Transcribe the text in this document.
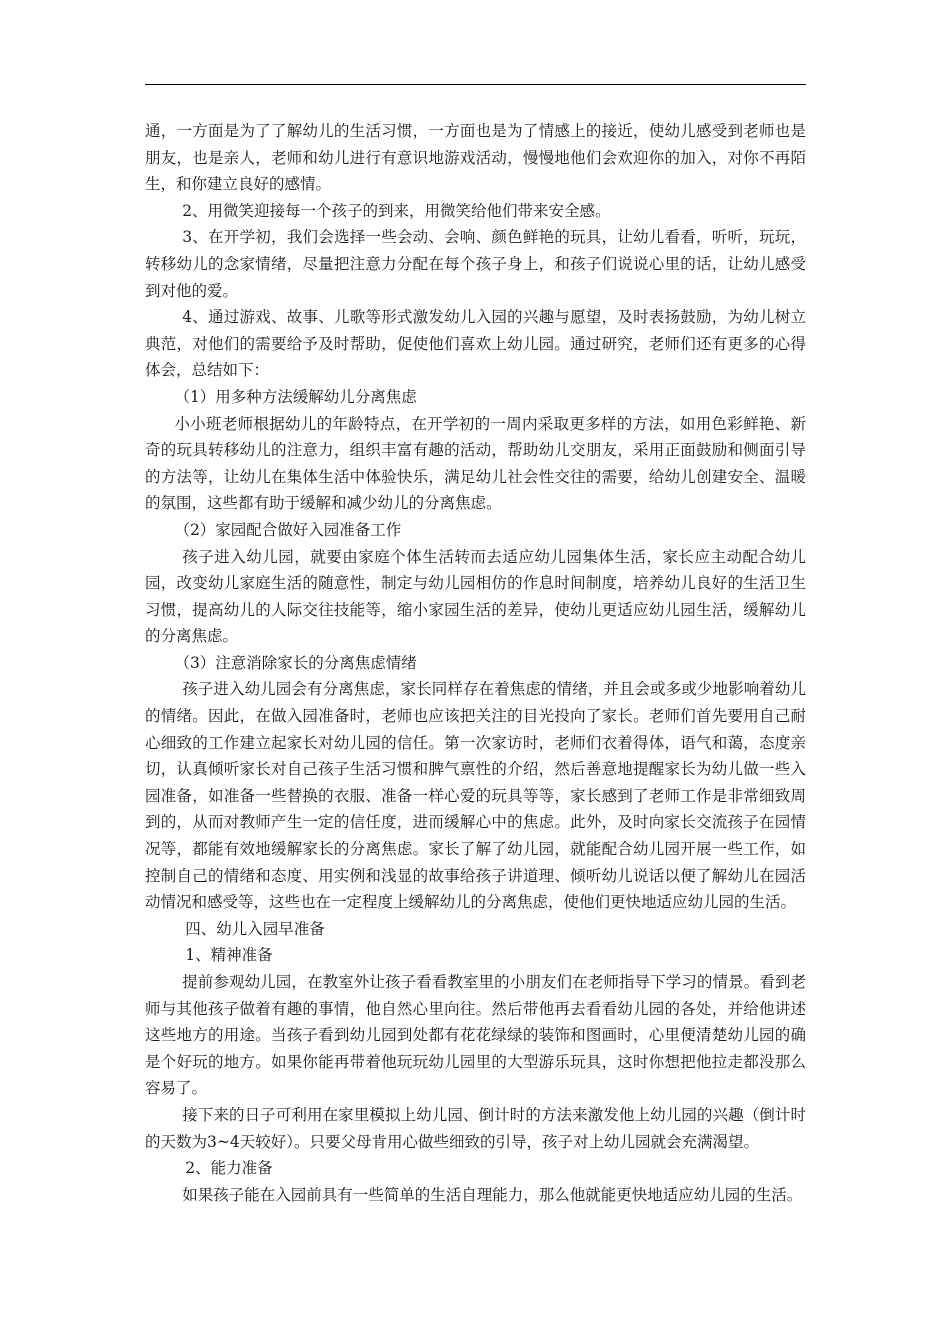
通，一方面是为了了解幼儿的生活习惯，一方面也是为了情感上的接近，使幼儿感受到老师也是朋友，也是亲人，老师和幼儿进行有意识地游戏活动，慢慢地他们会欢迎你的加入，对你不再陌生，和你建立良好的感情。

2、用微笑迎接每一个孩子的到来，用微笑给他们带来安全感。

3、在开学初，我们会选择一些会动、会响、颜色鲜艳的玩具，让幼儿看看，听听，玩玩，转移幼儿的念家情绪，尽量把注意力分配在每个孩子身上，和孩子们说说心里的话，让幼儿感受到对他的爱。

4、通过游戏、故事、儿歌等形式激发幼儿入园的兴趣与愿望，及时表扬鼓励，为幼儿树立典范，对他们的需要给予及时帮助，促使他们喜欢上幼儿园。通过研究，老师们还有更多的心得体会，总结如下：

（1）用多种方法缓解幼儿分离焦虑

小小班老师根据幼儿的年龄特点，在开学初的一周内采取更多样的方法，如用色彩鲜艳、新奇的玩具转移幼儿的注意力，组织丰富有趣的活动，帮助幼儿交朋友，采用正面鼓励和侧面引导的方法等，让幼儿在集体生活中体验快乐，满足幼儿社会性交往的需要，给幼儿创建安全、温暖的氛围，这些都有助于缓解和减少幼儿的分离焦虑。

（2）家园配合做好入园准备工作

孩子进入幼儿园，就要由家庭个体生活转而去适应幼儿园集体生活，家长应主动配合幼儿园，改变幼儿家庭生活的随意性，制定与幼儿园相仿的作息时间制度，培养幼儿良好的生活卫生习惯，提高幼儿的人际交往技能等，缩小家园生活的差异，使幼儿更适应幼儿园生活，缓解幼儿的分离焦虑。

（3）注意消除家长的分离焦虑情绪

孩子进入幼儿园会有分离焦虑，家长同样存在着焦虑的情绪，并且会或多或少地影响着幼儿的情绪。因此，在做入园准备时，老师也应该把关注的目光投向了家长。老师们首先要用自己耐心细致的工作建立起家长对幼儿园的信任。第一次家访时，老师们衣着得体，语气和蔼，态度亲切，认真倾听家长对自己孩子生活习惯和脾气禀性的介绍，然后善意地提醒家长为幼儿做一些入园准备，如准备一些替换的衣服、准备一样心爱的玩具等等，家长感到了老师工作是非常细致周到的，从而对教师产生一定的信任度，进而缓解心中的焦虑。此外，及时向家长交流孩子在园情况等，都能有效地缓解家长的分离焦虑。家长了解了幼儿园，就能配合幼儿园开展一些工作，如控制自己的情绪和态度、用实例和浅显的故事给孩子讲道理、倾听幼儿说话以便了解幼儿在园活动情况和感受等，这些也在一定程度上缓解幼儿的分离焦虑，使他们更快地适应幼儿园的生活。

四、幼儿入园早准备

1、精神准备

提前参观幼儿园，在教室外让孩子看看教室里的小朋友们在老师指导下学习的情景。看到老师与其他孩子做着有趣的事情，他自然心里向往。然后带他再去看看幼儿园的各处，并给他讲述这些地方的用途。当孩子看到幼儿园到处都有花花绿绿的装饰和图画时，心里便清楚幼儿园的确是个好玩的地方。如果你能再带着他玩玩幼儿园里的大型游乐玩具，这时你想把他拉走都没那么容易了。

接下来的日子可利用在家里模拟上幼儿园、倒计时的方法来激发他上幼儿园的兴趣（倒计时的天数为3~4天较好）。只要父母肯用心做些细致的引导，孩子对上幼儿园就会充满渴望。

2、能力准备

如果孩子能在入园前具有一些简单的生活自理能力，那么他就能更快地适应幼儿园的生活。
